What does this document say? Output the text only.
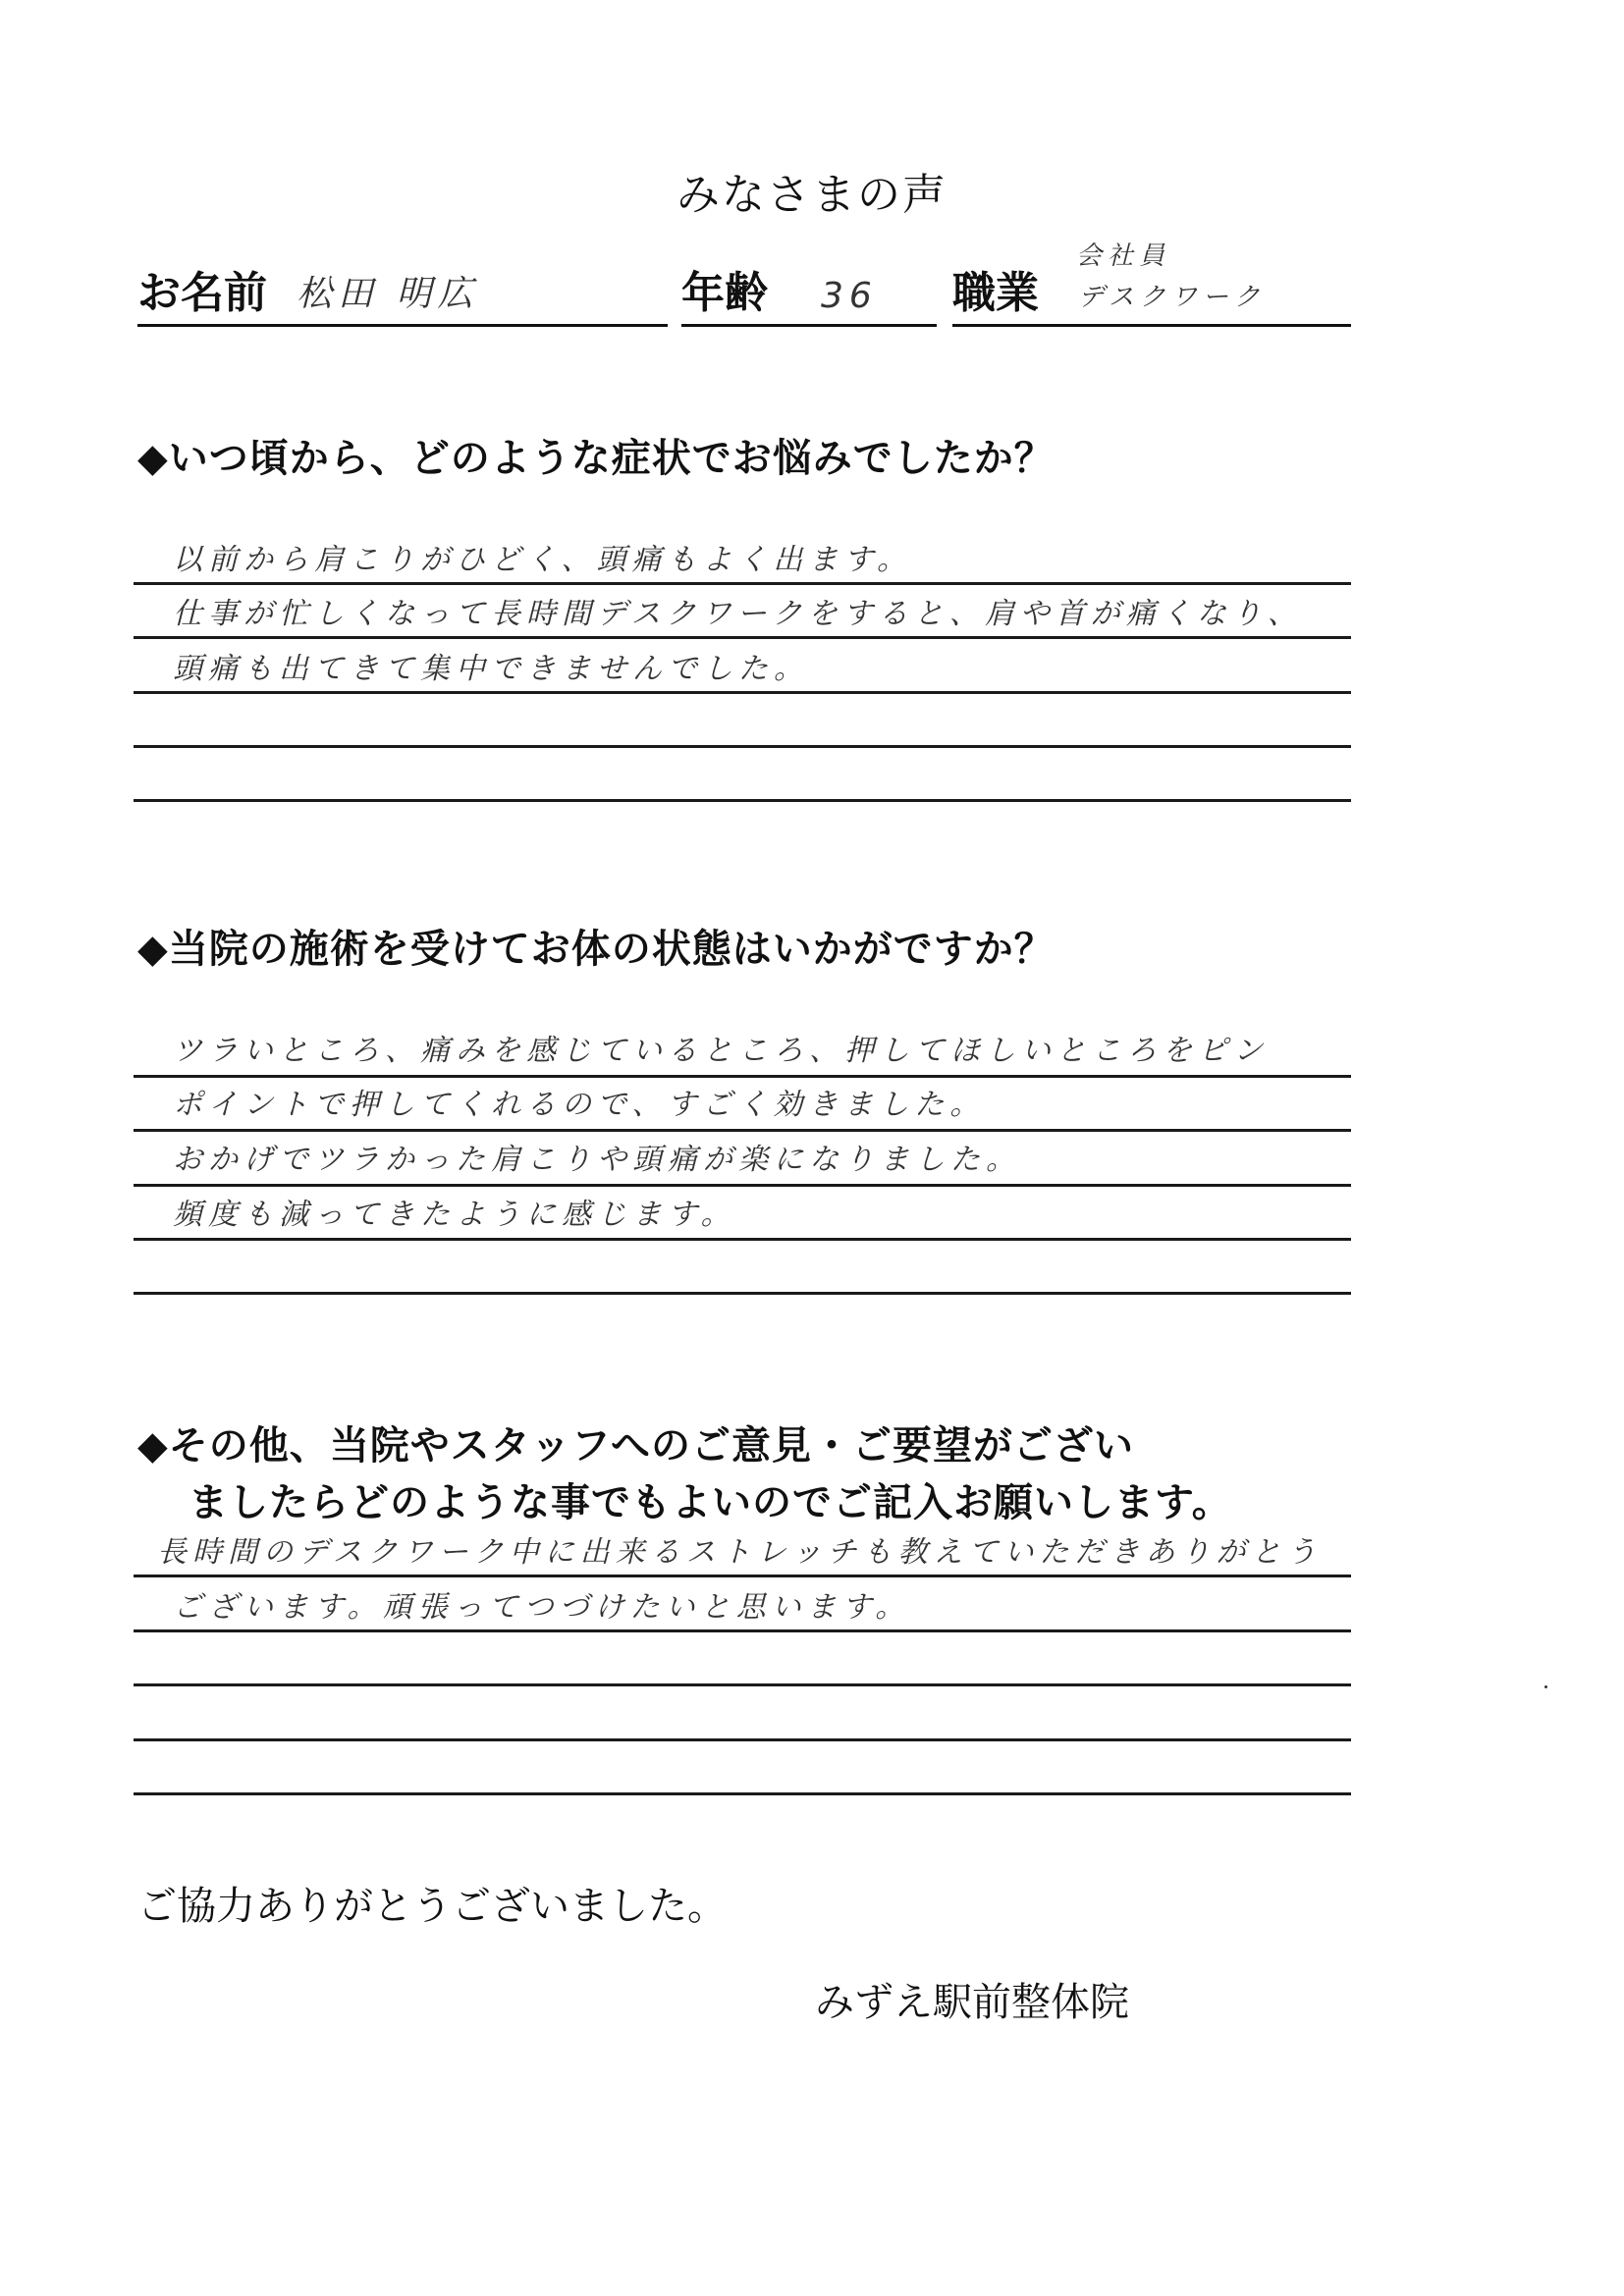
みなさまの声
お名前 松田 明広	年齢 36 職業
会社員
デスクワーク
◆いつ頃から、どのような症状でお悩みでしたか？
以前から肩こりがひどく、頭痛もよく出ます。
仕事が忙しくなって長時間デスクワークをすると、肩や首が痛くなり、
頭痛も出てきて集中できませんでした。
◆当院の施術を受けてお体の状態はいかがですか？
ツラいところ、痛みを感じているところ、押してほしいところをピン
ポイントで押してくれるので、すごく効きました。
おかげでツラかった肩こりや頭痛が楽になりました。
頻度も減ってきたように感じます。
◆その他、当院やスタッフへのご意見・ご要望がござい
ましたらどのような事でもよいのでご記入お願いします。
長時間のデスクワーク中に出来るストレッチも教えていただきありがとう
ございます。頑張ってつづけたいと思います。
ご協力ありがとうございました。
みずえ駅前整体院
